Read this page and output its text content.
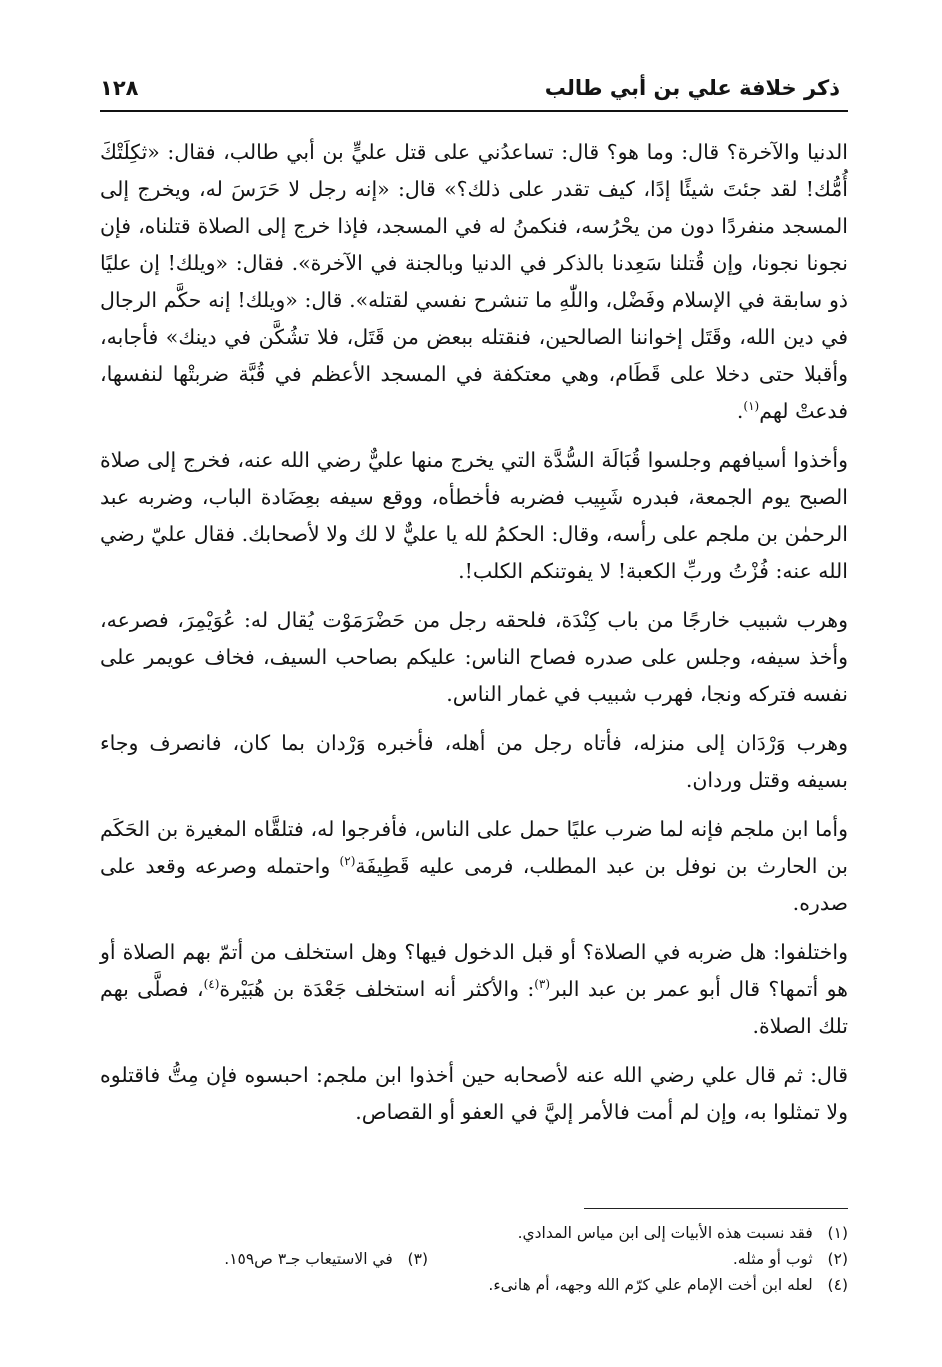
ذكر خلافة علي بن أبي طالب
١٢٨

الدنيا والآخرة؟ قال: وما هو؟ قال: تساعدُني على قتل عليٍّ بن أبي طالب، فقال: «ثكِلَتْكَ أُمُّك! لقد جئتَ شيئًا إدًا، كيف تقدر على ذلك؟» قال: «إنه رجل لا حَرَسَ له، ويخرج إلى المسجد منفردًا دون من يحْرُسه، فنكمنُ له في المسجد، فإذا خرج إلى الصلاة قتلناه، فإن نجونا نجونا، وإن قُتلنا سَعِدنا بالذكر في الدنيا وبالجنة في الآخرة». فقال: «ويلك! إن عليًا ذو سابقة في الإسلام وفَضْل، واللّٰهِ ما تنشرح نفسي لقتله». قال: «ويلك! إنه حكَّم الرجال في دين الله، وقَتَل إخواننا الصالحين، فنقتله ببعض من قَتَل، فلا تشُكَّن في دينك» فأجابه، وأقبلا حتى دخلا على قَطَام، وهي معتكفة في المسجد الأعظم في قُبَّة ضربتْها لنفسها، فدعتْ لهم$^{(١)}$.

وأخذوا أسيافهم وجلسوا قُبَالَة السُّدَّة التي يخرج منها عليٌّ رضي الله عنه، فخرج إلى صلاة الصبح يوم الجمعة، فبدره شَبِيب فضربه فأخطأه، ووقع سيفه بعِضَادة الباب، وضربه عبد الرحمٰن بن ملجم على رأسه، وقال: الحكمُ لله يا عليٌّ لا لك ولا لأصحابك. فقال عليّ رضي الله عنه: فُزْتُ وربِّ الكعبة! لا يفوتنكم الكلب!.

وهرب شبيب خارجًا من باب كِنْدَة، فلحقه رجل من حَضْرَمَوْت يُقال له: عُوَيْمِرَ، فصرعه، وأخذ سيفه، وجلس على صدره فصاح الناس: عليكم بصاحب السيف، فخاف عويمر على نفسه فتركه ونجا، فهرب شبيب في غمار الناس.

وهرب وَرْدَان إلى منزله، فأتاه رجل من أهله، فأخبره وَرْدان بما كان، فانصرف وجاء بسيفه وقتل وردان.

وأما ابن ملجم فإنه لما ضرب عليًا حمل على الناس، فأفرجوا له، فتلقَّاه المغيرة بن الحَكَم بن الحارث بن نوفل بن عبد المطلب، فرمى عليه قَطِيفَة$^{(٢)}$ واحتمله وصرعه وقعد على صدره.

واختلفوا: هل ضربه في الصلاة؟ أو قبل الدخول فيها؟ وهل استخلف من أتمّ بهم الصلاة أو هو أتمها؟ قال أبو عمر بن عبد البر$^{(٣)}$: والأكثر أنه استخلف جَعْدَة بن هُبَيْرة$^{(٤)}$، فصلَّى بهم تلك الصلاة.

قال: ثم قال علي رضي الله عنه لأصحابه حين أخذوا ابن ملجم: احبسوه فإن مِتُّ فاقتلوه ولا تمثلوا به، وإن لم أمت فالأمر إليَّ في العفو أو القصاص.

(١)   فقد نسبت هذه الأبيات إلى ابن مياس المدادي.
(٢)   ثوب أو مثله.
(٣)   في الاستيعاب جـ٣ ص١٥٩.
(٤)   لعله ابن أخت الإمام علي كرّم الله وجهه، أم هانىء.
